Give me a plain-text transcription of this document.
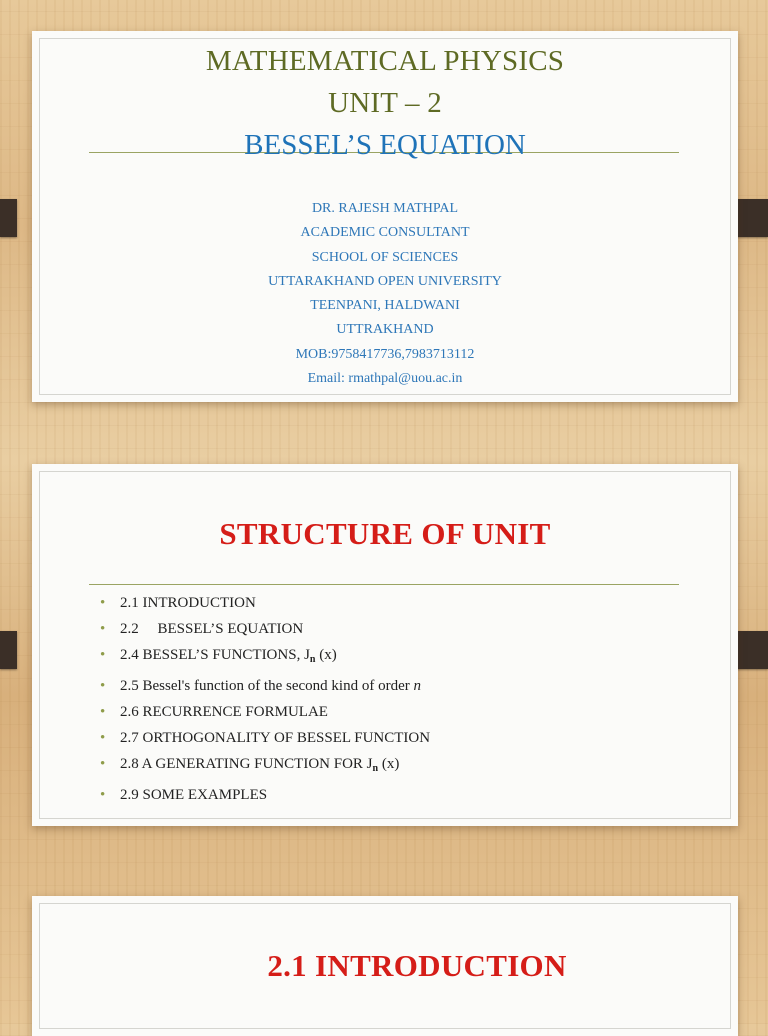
MATHEMATICAL PHYSICS
UNIT – 2
BESSEL’S EQUATION
DR. RAJESH MATHPAL
ACADEMIC CONSULTANT
SCHOOL OF SCIENCES
UTTARAKHAND OPEN UNIVERSITY
TEENPANI, HALDWANI
UTTRAKHAND
MOB:9758417736,7983713112
Email: rmathpal@uou.ac.in
STRUCTURE OF UNIT
• 2.1 INTRODUCTION
• 2.2     BESSEL’S EQUATION
• 2.4 BESSEL’S FUNCTIONS, $J_n$ (x)
• 2.5 Bessel's function of the second kind of order n
• 2.6 RECURRENCE FORMULAE
• 2.7 ORTHOGONALITY OF BESSEL FUNCTION
• 2.8 A GENERATING FUNCTION FOR $J_n$ (x)
• 2.9 SOME EXAMPLES
2.1 INTRODUCTION
